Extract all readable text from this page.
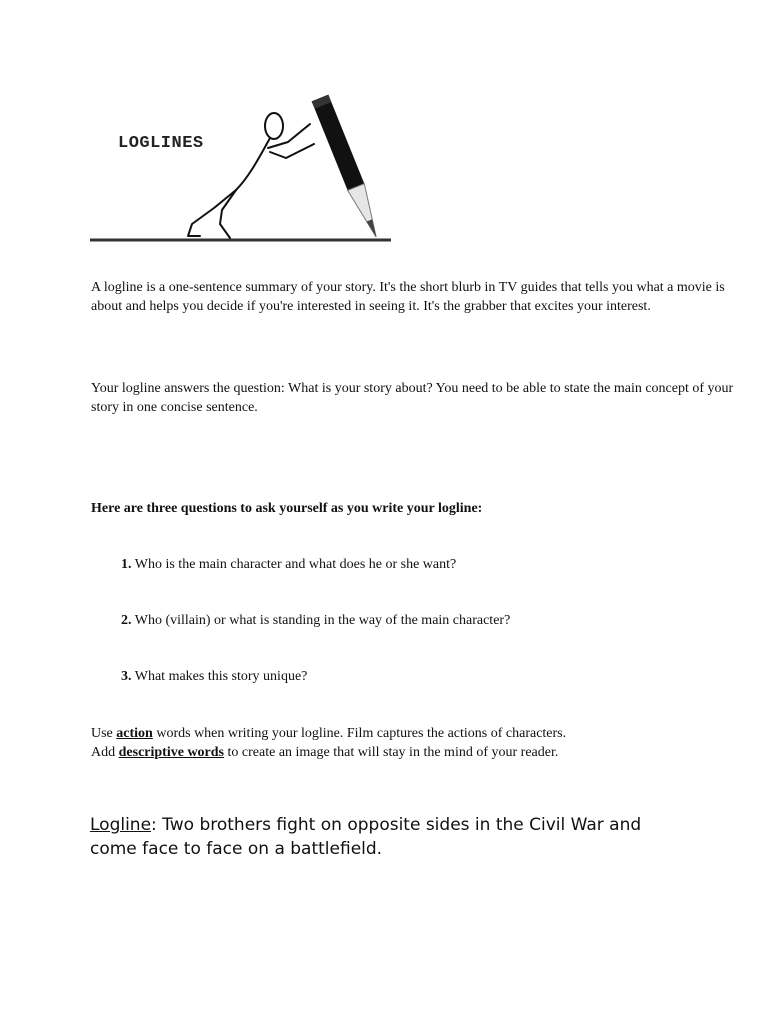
LOGLINES

A logline is a one-sentence summary of your story. It's the short blurb in TV guides that tells you what a movie is about and helps you decide if you're interested in seeing it. It's the grabber that excites your interest.

Your logline answers the question: What is your story about? You need to be able to state the main concept of your story in one concise sentence.

Here are three questions to ask yourself as you write your logline:

1. Who is the main character and what does he or she want?
2. Who (villain) or what is standing in the way of the main character?
3. What makes this story unique?

Use action words when writing your logline. Film captures the actions of characters.
Add descriptive words to create an image that will stay in the mind of your reader.

Logline: Two brothers fight on opposite sides in the Civil War and come face to face on a battlefield.
